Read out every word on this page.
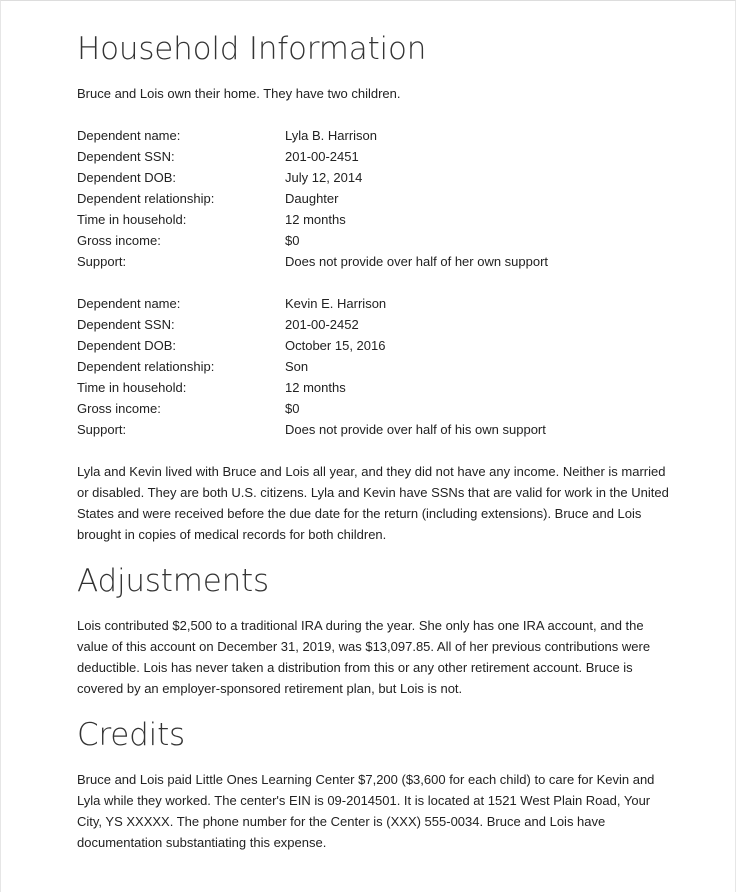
Household Information

Bruce and Lois own their home. They have two children.

Dependent name:	Lyla B. Harrison
Dependent SSN:	201-00-2451
Dependent DOB:	July 12, 2014
Dependent relationship:	Daughter
Time in household:	12 months
Gross income:	$0
Support:	Does not provide over half of her own support
Dependent name:	Kevin E. Harrison
Dependent SSN:	201-00-2452
Dependent DOB:	October 15, 2016
Dependent relationship:	Son
Time in household:	12 months
Gross income:	$0
Support:	Does not provide over half of his own support

Lyla and Kevin lived with Bruce and Lois all year, and they did not have any income. Neither is married or disabled. They are both U.S. citizens. Lyla and Kevin have SSNs that are valid for work in the United States and were received before the due date for the return (including extensions). Bruce and Lois brought in copies of medical records for both children.

Adjustments

Lois contributed $2,500 to a traditional IRA during the year. She only has one IRA account, and the value of this account on December 31, 2019, was $13,097.85. All of her previous contributions were deductible. Lois has never taken a distribution from this or any other retirement account. Bruce is covered by an employer-sponsored retirement plan, but Lois is not.

Credits

Bruce and Lois paid Little Ones Learning Center $7,200 ($3,600 for each child) to care for Kevin and Lyla while they worked. The center's EIN is 09-2014501. It is located at 1521 West Plain Road, Your City, YS XXXXX. The phone number for the Center is (XXX) 555-0034. Bruce and Lois have documentation substantiating this expense.
